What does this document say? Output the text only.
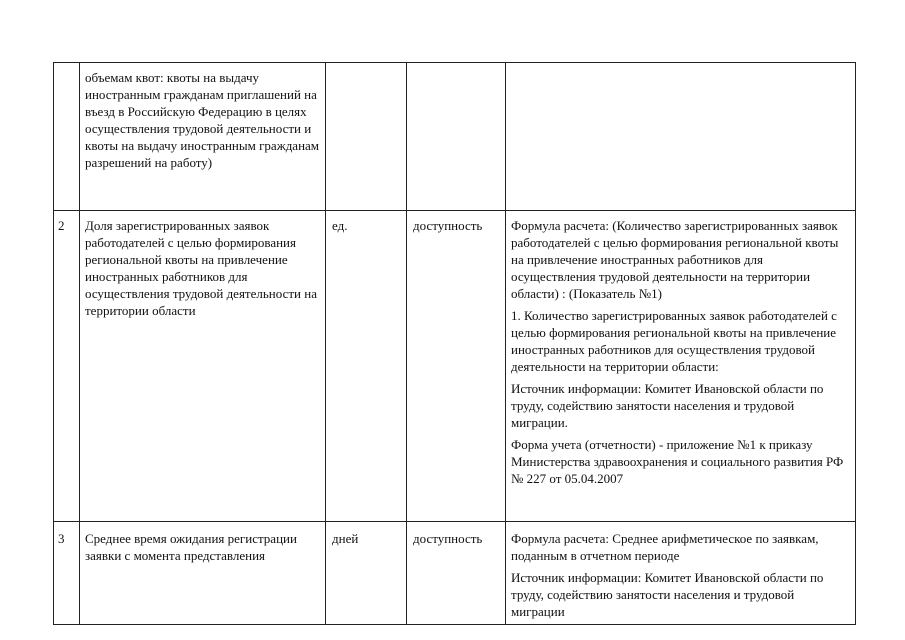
	объемам квот: квоты на выдачу иностранным гражданам приглашений на въезд в Российскую Федерацию в целях осуществления трудовой деятельности и квоты на выдачу иностранным гражданам разрешений на работу)			
2	Доля зарегистрированных заявок работодателей с целью формирования региональной квоты на привлечение иностранных работников для осуществления трудовой деятельности на территории области	ед.	доступность	Формула расчета: (Количество зарегистрированных заявок работодателей с целью формирования региональной квоты на привлечение иностранных работников для осуществления трудовой деятельности на территории области) : (Показатель №1)
1. Количество зарегистрированных заявок работодателей с целью формирования региональной квоты на привлечение иностранных работников для осуществления трудовой деятельности на территории области:
Источник информации: Комитет Ивановской области по труду, содействию занятости населения и трудовой миграции.
Форма учета (отчетности) - приложение №1 к приказу Министерства здравоохранения и социального развития РФ № 227 от 05.04.2007

3	Среднее время ожидания регистрации заявки с момента представления	дней	доступность	Формула расчета: Среднее арифметическое по заявкам, поданным в отчетном периоде
Источник информации: Комитет Ивановской области по труду, содействию занятости населения и трудовой миграции
